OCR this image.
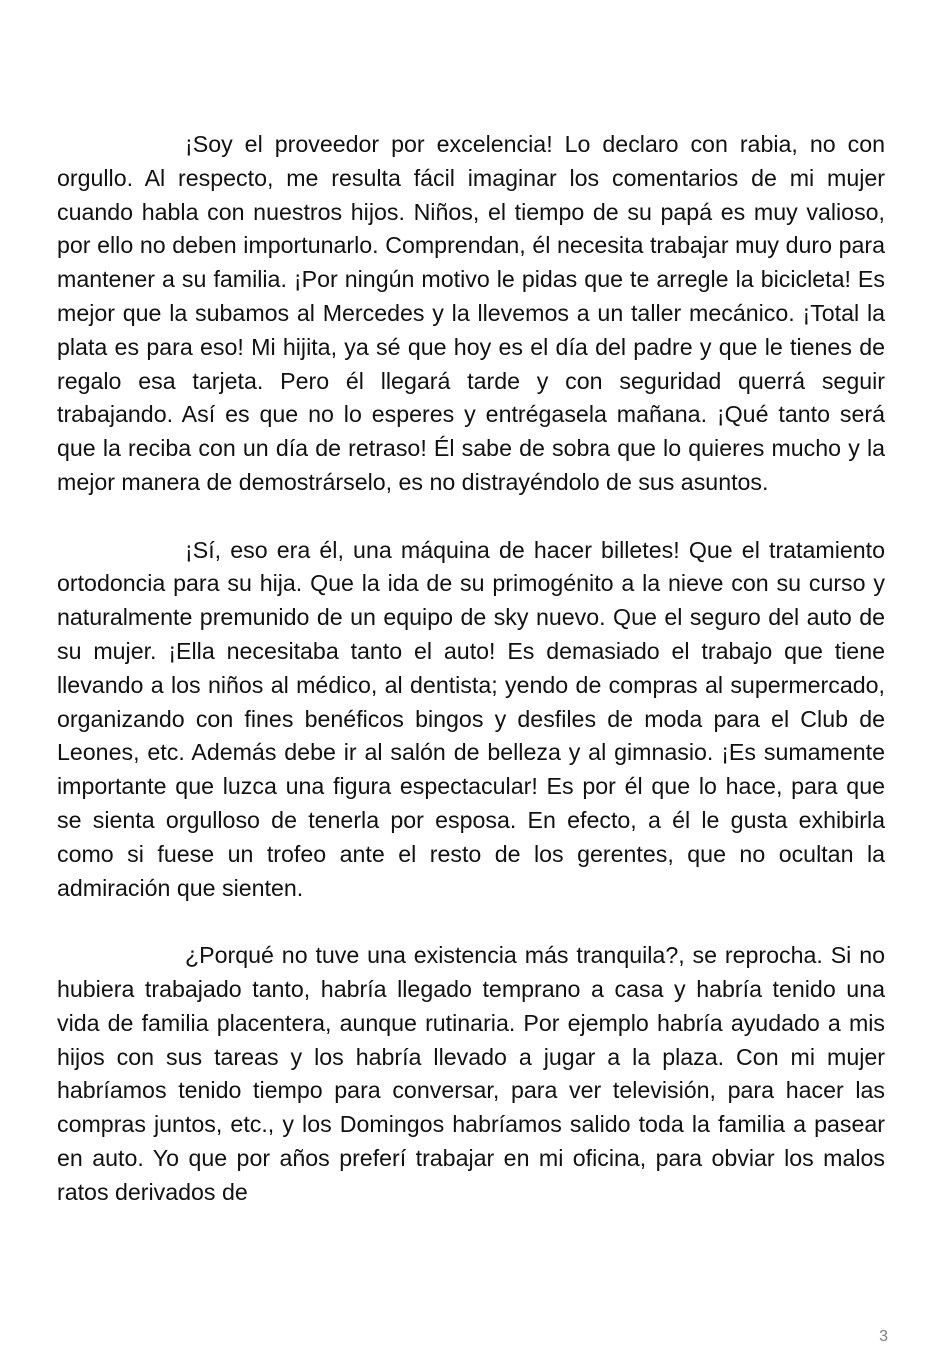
¡Soy el proveedor por excelencia! Lo declaro con rabia, no con orgullo. Al respecto, me resulta fácil imaginar los comentarios de mi mujer cuando habla con nuestros hijos. Niños, el tiempo de su papá es muy valioso, por ello no deben importunarlo. Comprendan, él necesita trabajar muy duro para mantener a su familia. ¡Por ningún motivo le pidas que te arregle la bicicleta! Es mejor que la subamos al Mercedes y la llevemos a un taller mecánico. ¡Total la plata es para eso! Mi hijita, ya sé que hoy es el día del padre y que le tienes de regalo esa tarjeta. Pero él llegará tarde y con seguridad querrá seguir trabajando. Así es que no lo esperes y entrégasela mañana. ¡Qué tanto será que la reciba con un día de retraso! Él sabe de sobra que lo quieres mucho y la mejor manera de demostrárselo, es no distrayéndolo de sus asuntos.

¡Sí, eso era él, una máquina de hacer billetes! Que el tratamiento ortodoncia para su hija. Que la ida de su primogénito a la nieve con su curso y naturalmente premunido de un equipo de sky nuevo. Que el seguro del auto de su mujer. ¡Ella necesitaba tanto el auto! Es demasiado el trabajo que tiene llevando a los niños al médico, al dentista; yendo de compras al supermercado, organizando con fines benéficos bingos y desfiles de moda para el Club de Leones, etc. Además debe ir al salón de belleza y al gimnasio. ¡Es sumamente importante que luzca una figura espectacular! Es por él que lo hace, para que se sienta orgulloso de tenerla por esposa. En efecto, a él le gusta exhibirla como si fuese un trofeo ante el resto de los gerentes, que no ocultan la admiración que sienten.

¿Porqué no tuve una existencia más tranquila?, se reprocha. Si no hubiera trabajado tanto, habría llegado temprano a casa y habría tenido una vida de familia placentera, aunque rutinaria. Por ejemplo habría ayudado a mis hijos con sus tareas y los habría llevado a jugar a la plaza. Con mi mujer habríamos tenido tiempo para conversar, para ver televisión, para hacer las compras juntos, etc., y los Domingos habríamos salido toda la familia a pasear en auto. Yo que por años preferí trabajar en mi oficina, para obviar los malos ratos derivados de

3
